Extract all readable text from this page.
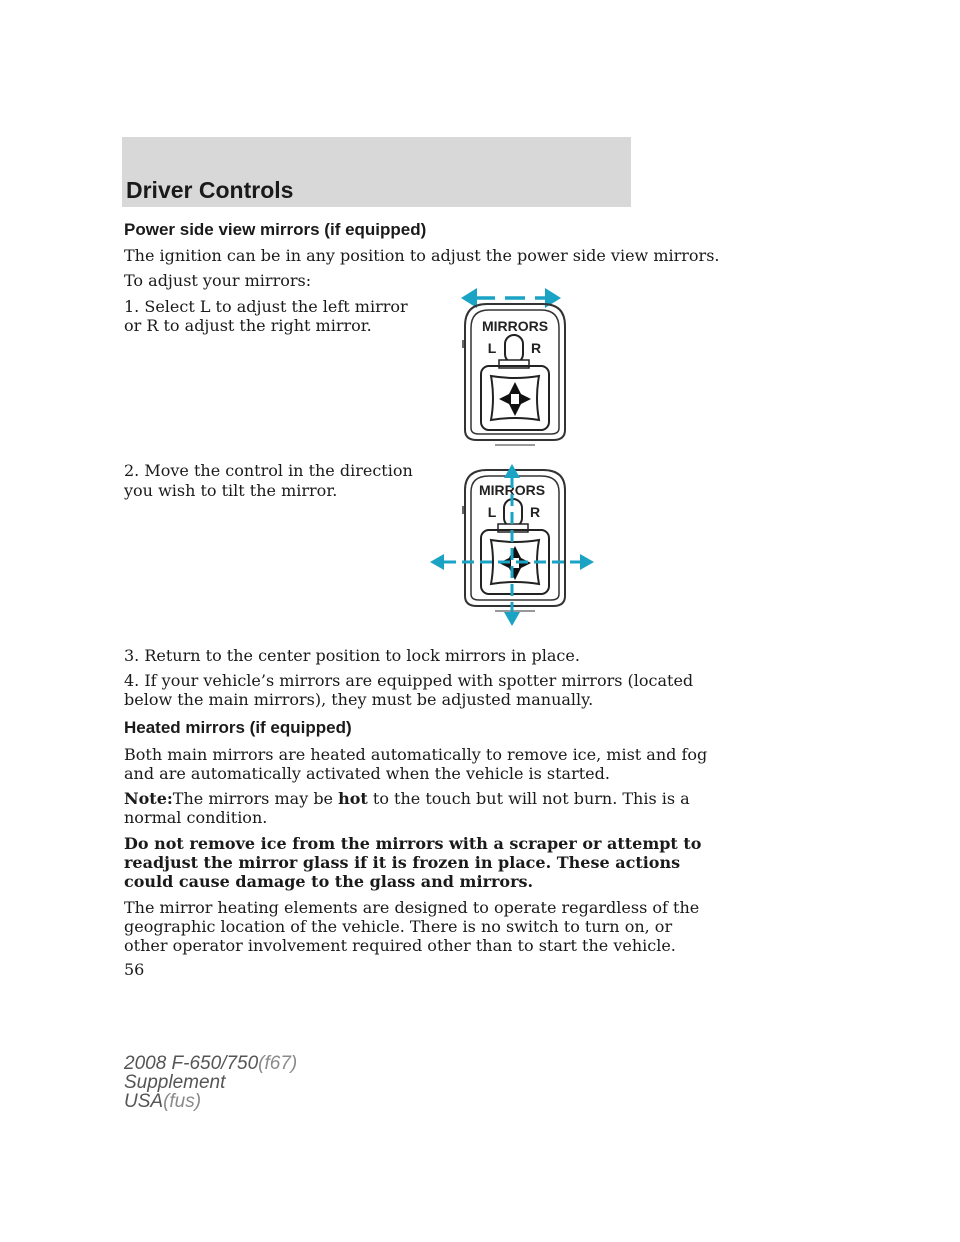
Driver Controls
Power side view mirrors (if equipped)
The ignition can be in any position to adjust the power side view mirrors.
To adjust your mirrors:
1. Select L to adjust the left mirror
or R to adjust the right mirror.	MIRRORS
L R
2. Move the control in the direction
you wish to tilt the mirror.	MIRRORS
L R
3. Return to the center position to lock mirrors in place.
4. If your vehicle’s mirrors are equipped with spotter mirrors (located
below the main mirrors), they must be adjusted manually.
Heated mirrors (if equipped)
Both main mirrors are heated automatically to remove ice, mist and fog
and are automatically activated when the vehicle is started.
Note:The mirrors may be hot to the touch but will not burn. This is a
normal condition.
Do not remove ice from the mirrors with a scraper or attempt to
readjust the mirror glass if it is frozen in place. These actions
could cause damage to the glass and mirrors.
The mirror heating elements are designed to operate regardless of the
geographic location of the vehicle. There is no switch to turn on, or
other operator involvement required other than to start the vehicle.
56
2008 F-650/750(f67)
Supplement
USA(fus)
